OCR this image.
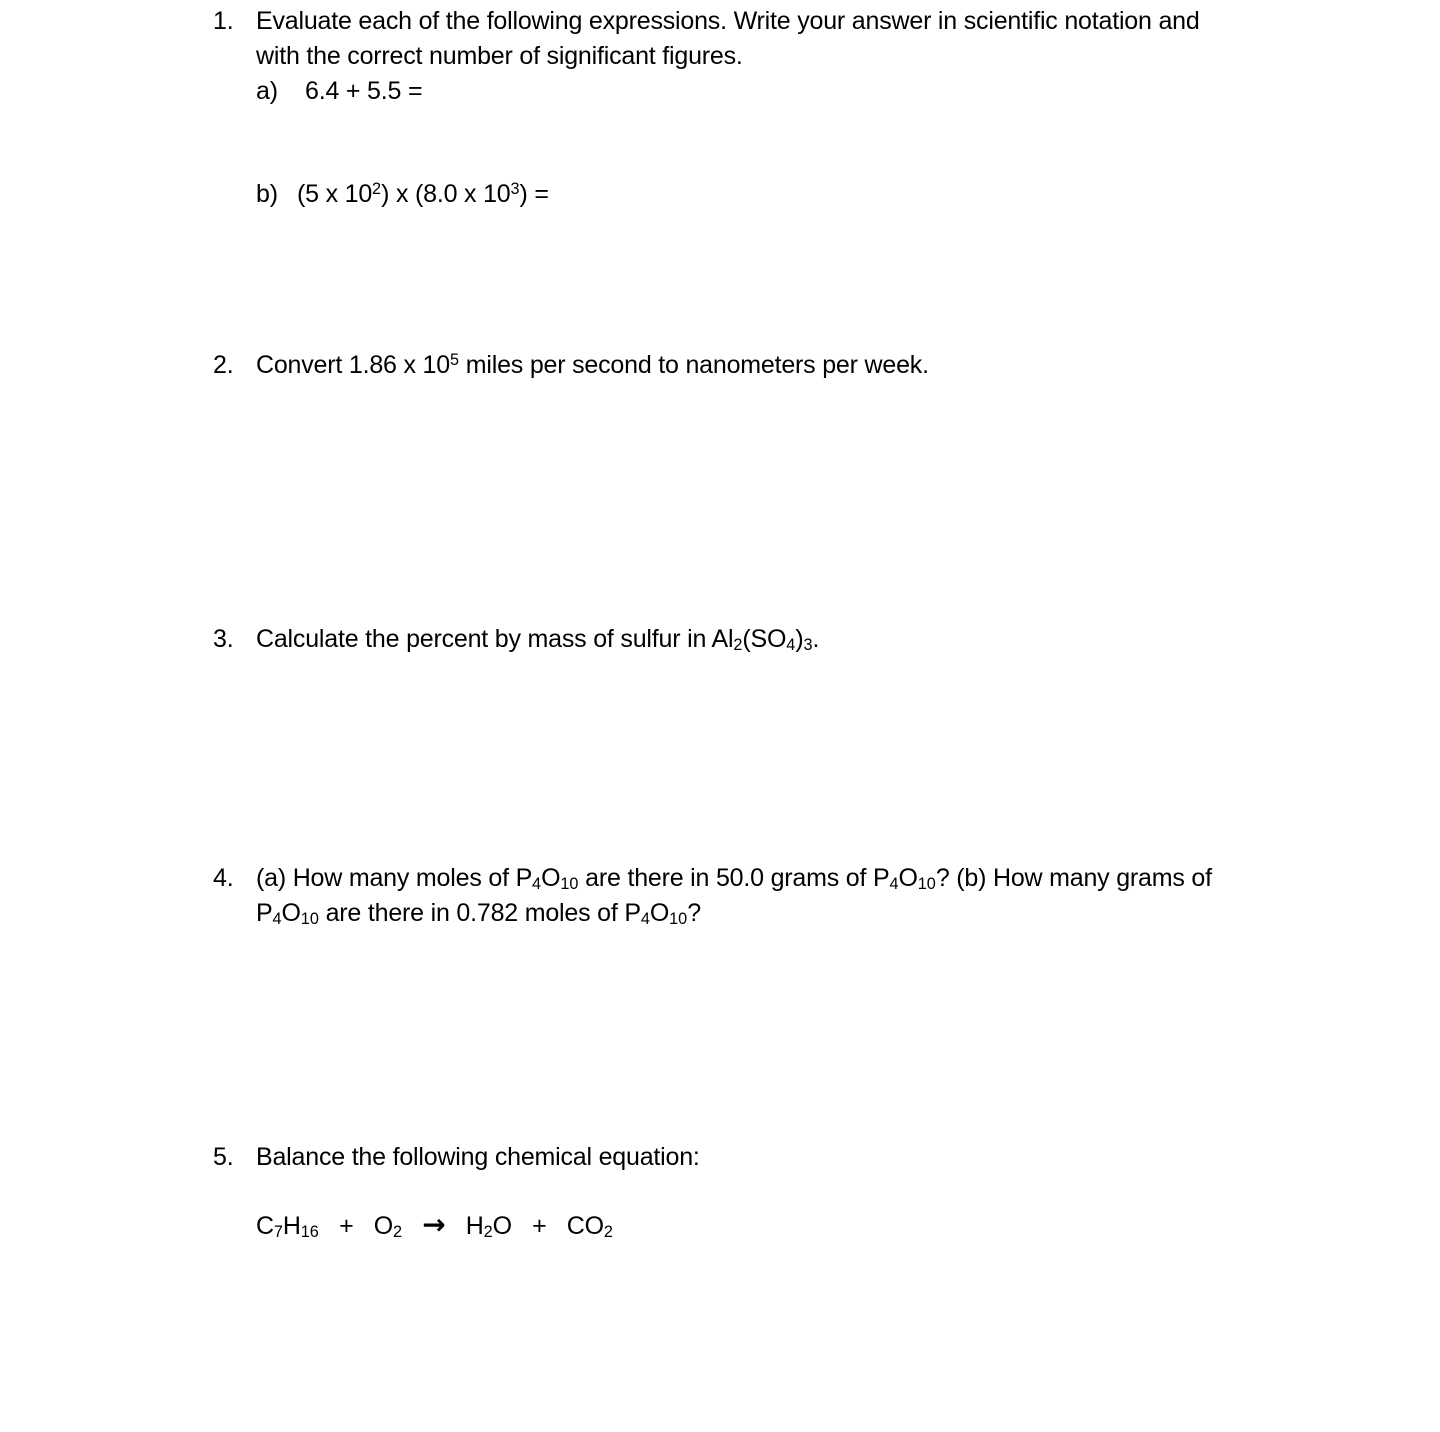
1. Evaluate each of the following expressions. Write your answer in scientific notation and
with the correct number of significant figures.
a)	6.4 + 5.5 =
b) (5 x $10^2$) x (8.0 x $10^3$) =
2. Convert 1.86 x $10^5$ miles per second to nanometers per week.
3. Calculate the percent by mass of sulfur in $Al_2(SO_4)_3$.
4. (a) How many moles of $P_4O_{10}$ are there in 50.0 grams of $P_4O_{10}$? (b) How many grams of
$P_4O_{10}$ are there in 0.782 moles of $P_4O_{10}$?
5. Balance the following chemical equation:
$C_7H_{16} + O_2 \to H_2O + CO_2$
